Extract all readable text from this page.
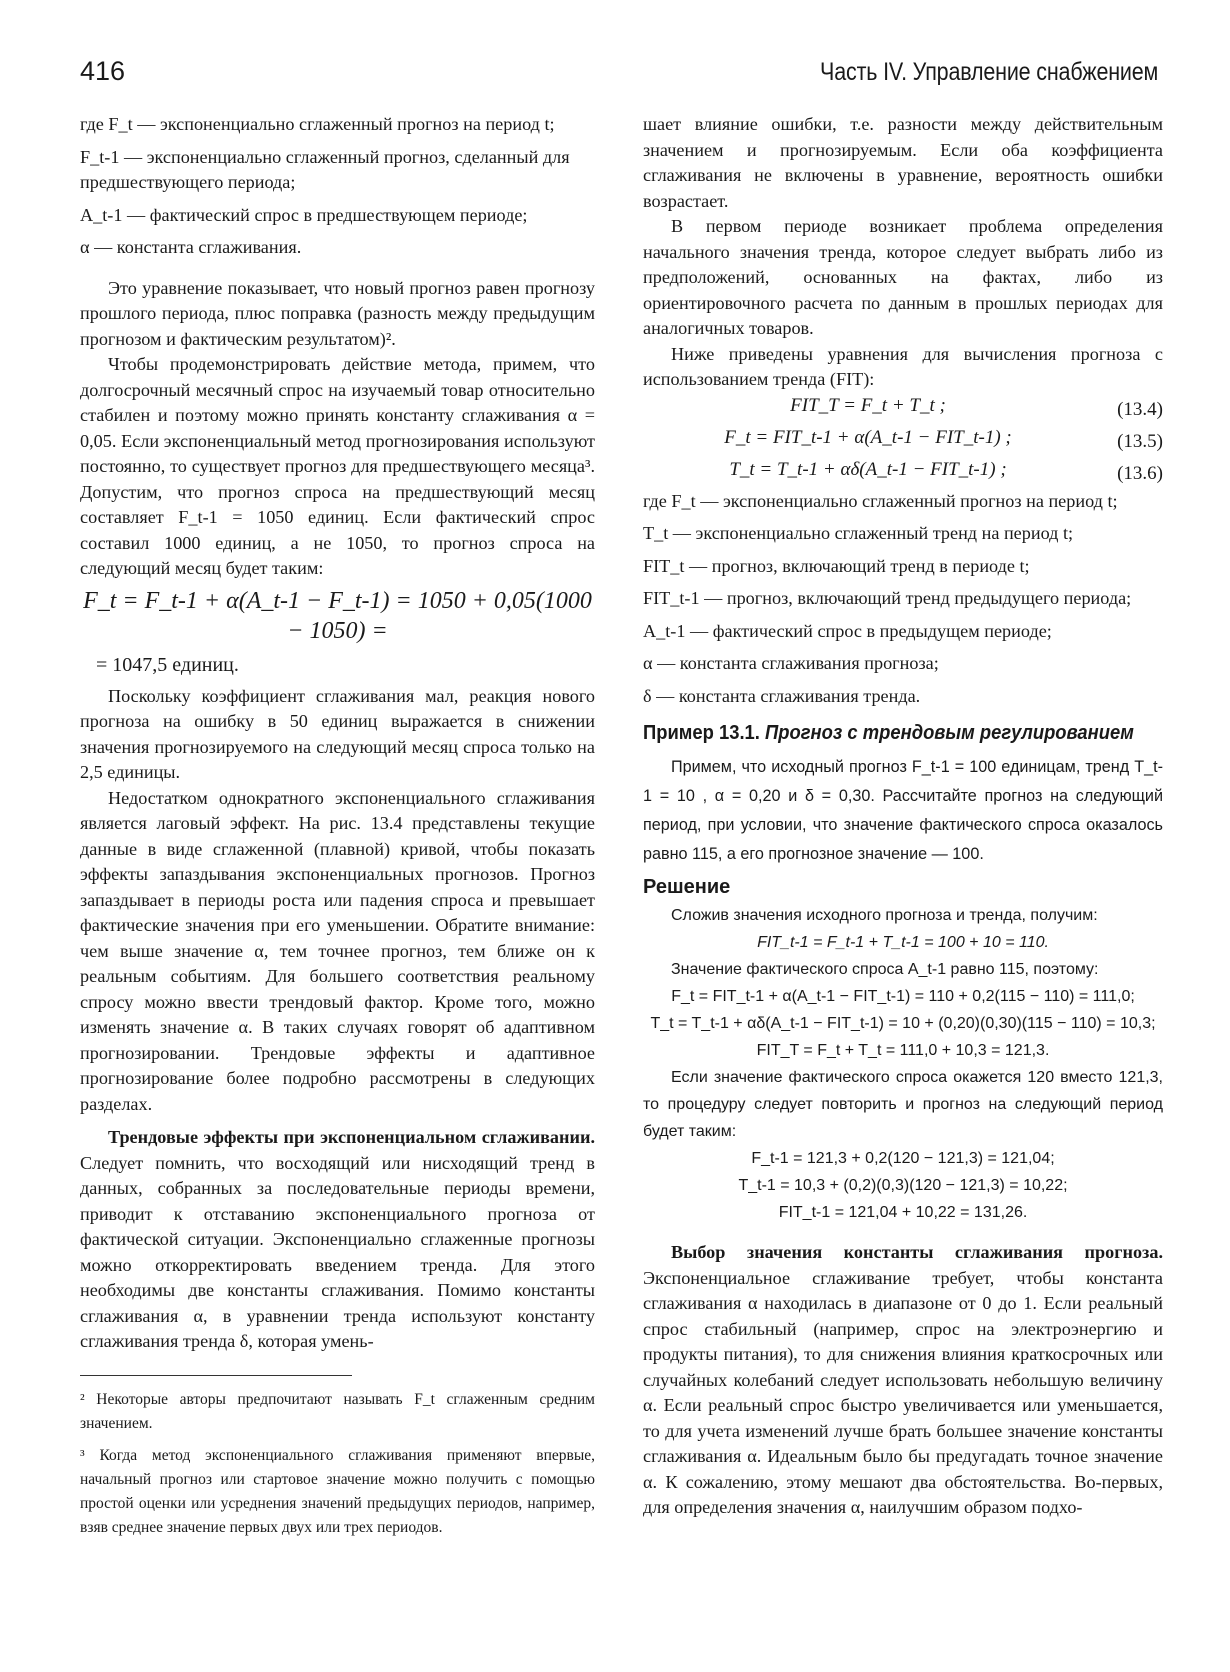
416	Часть IV. Управление снабжением
где F_t — экспоненциально сглаженный прогноз на период t;
F_t-1 — экспоненциально сглаженный прогноз, сделанный для предшествующего периода;
A_t-1 — фактический спрос в предшествующем периоде;
α — константа сглаживания.

Это уравнение показывает, что новый прогноз равен прогнозу прошлого периода, плюс поправка (разность между предыдущим прогнозом и фактическим результатом)².

Чтобы продемонстрировать действие метода, примем, что долгосрочный месячный спрос на изучаемый товар относительно стабилен и поэтому можно принять константу сглаживания α = 0,05. Если экспоненциальный метод прогнозирования используют постоянно, то существует прогноз для предшествующего месяца³. Допустим, что прогноз спроса на предшествующий месяц составляет F_t-1 = 1050 единиц. Если фактический спрос составил 1000 единиц, а не 1050, то прогноз спроса на следующий месяц будет таким:

F_t = F_t-1 + α(A_t-1 − F_t-1) = 1050 + 0,05(1000 − 1050) =
= 1047,5 единиц.

Поскольку коэффициент сглаживания мал, реакция нового прогноза на ошибку в 50 единиц выражается в снижении значения прогнозируемого на следующий месяц спроса только на 2,5 единицы.

Недостатком однократного экспоненциального сглаживания является лаговый эффект. На рис. 13.4 представлены текущие данные в виде сглаженной (плавной) кривой, чтобы показать эффекты запаздывания экспоненциальных прогнозов. Прогноз запаздывает в периоды роста или падения спроса и превышает фактические значения при его уменьшении. Обратите внимание: чем выше значение α, тем точнее прогноз, тем ближе он к реальным событиям. Для большего соответствия реальному спросу можно ввести трендовый фактор. Кроме того, можно изменять значение α. В таких случаях говорят об адаптивном прогнозировании. Трендовые эффекты и адаптивное прогнозирование более подробно рассмотрены в следующих разделах.

Трендовые эффекты при экспоненциальном сглаживании. Следует помнить, что восходящий или нисходящий тренд в данных, собранных за последовательные периоды времени, приводит к отставанию экспоненциального прогноза от фактической ситуации. Экспоненциально сглаженные прогнозы можно откорректировать введением тренда. Для этого необходимы две константы сглаживания. Помимо константы сглаживания α, в уравнении тренда используют константу сглаживания тренда δ, которая умень-

² Некоторые авторы предпочитают называть F_t сглаженным средним значением.
³ Когда метод экспоненциального сглаживания применяют впервые, начальный прогноз или стартовое значение можно получить с помощью простой оценки или усреднения значений предыдущих периодов, например, взяв среднее значение первых двух или трех периодов.

шает влияние ошибки, т.е. разности между действительным значением и прогнозируемым. Если оба коэффициента сглаживания не включены в уравнение, вероятность ошибки возрастает.

В первом периоде возникает проблема определения начального значения тренда, которое следует выбрать либо из предположений, основанных на фактах, либо из ориентировочного расчета по данным в прошлых периодах для аналогичных товаров.

Ниже приведены уравнения для вычисления прогноза с использованием тренда (FIT):

FIT_T = F_t + T_t ;	(13.4)
F_t = FIT_t-1 + α(A_t-1 − FIT_t-1) ;	(13.5)
T_t = T_t-1 + αδ(A_t-1 − FIT_t-1) ;	(13.6)
где F_t — экспоненциально сглаженный прогноз на период t;
T_t — экспоненциально сглаженный тренд на период t;
FIT_t — прогноз, включающий тренд в периоде t;
FIT_t-1 — прогноз, включающий тренд предыдущего периода;
A_t-1 — фактический спрос в предыдущем периоде;
α — константа сглаживания прогноза;
δ — константа сглаживания тренда.
Пример 13.1. Прогноз с трендовым регулированием
Примем, что исходный прогноз F_t-1 = 100 единицам, тренд T_t-1 = 10 , α = 0,20 и δ = 0,30. Рассчитайте прогноз на следующий период, при условии, что значение фактического спроса оказалось равно 115, а его прогнозное значение — 100.
Решение
Сложив значения исходного прогноза и тренда, получим:
FIT_t-1 = F_t-1 + T_t-1 = 100 + 10 = 110.
Значение фактического спроса A_t-1 равно 115, поэтому:
F_t = FIT_t-1 + α(A_t-1 − FIT_t-1) = 110 + 0,2(115 − 110) = 111,0;
T_t = T_t-1 + αδ(A_t-1 − FIT_t-1) = 10 + (0,20)(0,30)(115 − 110) = 10,3;
FIT_T = F_t + T_t = 111,0 + 10,3 = 121,3.
Если значение фактического спроса окажется 120 вместо 121,3, то процедуру следует повторить и прогноз на следующий период будет таким:
F_t-1 = 121,3 + 0,2(120 − 121,3) = 121,04;
T_t-1 = 10,3 + (0,2)(0,3)(120 − 121,3) = 10,22;
FIT_t-1 = 121,04 + 10,22 = 131,26.

Выбор значения константы сглаживания прогноза. Экспоненциальное сглаживание требует, чтобы константа сглаживания α находилась в диапазоне от 0 до 1. Если реальный спрос стабильный (например, спрос на электроэнергию и продукты питания), то для снижения влияния краткосрочных или случайных колебаний следует использовать небольшую величину α. Если реальный спрос быстро увеличивается или уменьшается, то для учета изменений лучше брать большее значение константы сглаживания α. Идеальным было бы предугадать точное значение α. К сожалению, этому мешают два обстоятельства. Во-первых, для определения значения α, наилучшим образом подхо-
